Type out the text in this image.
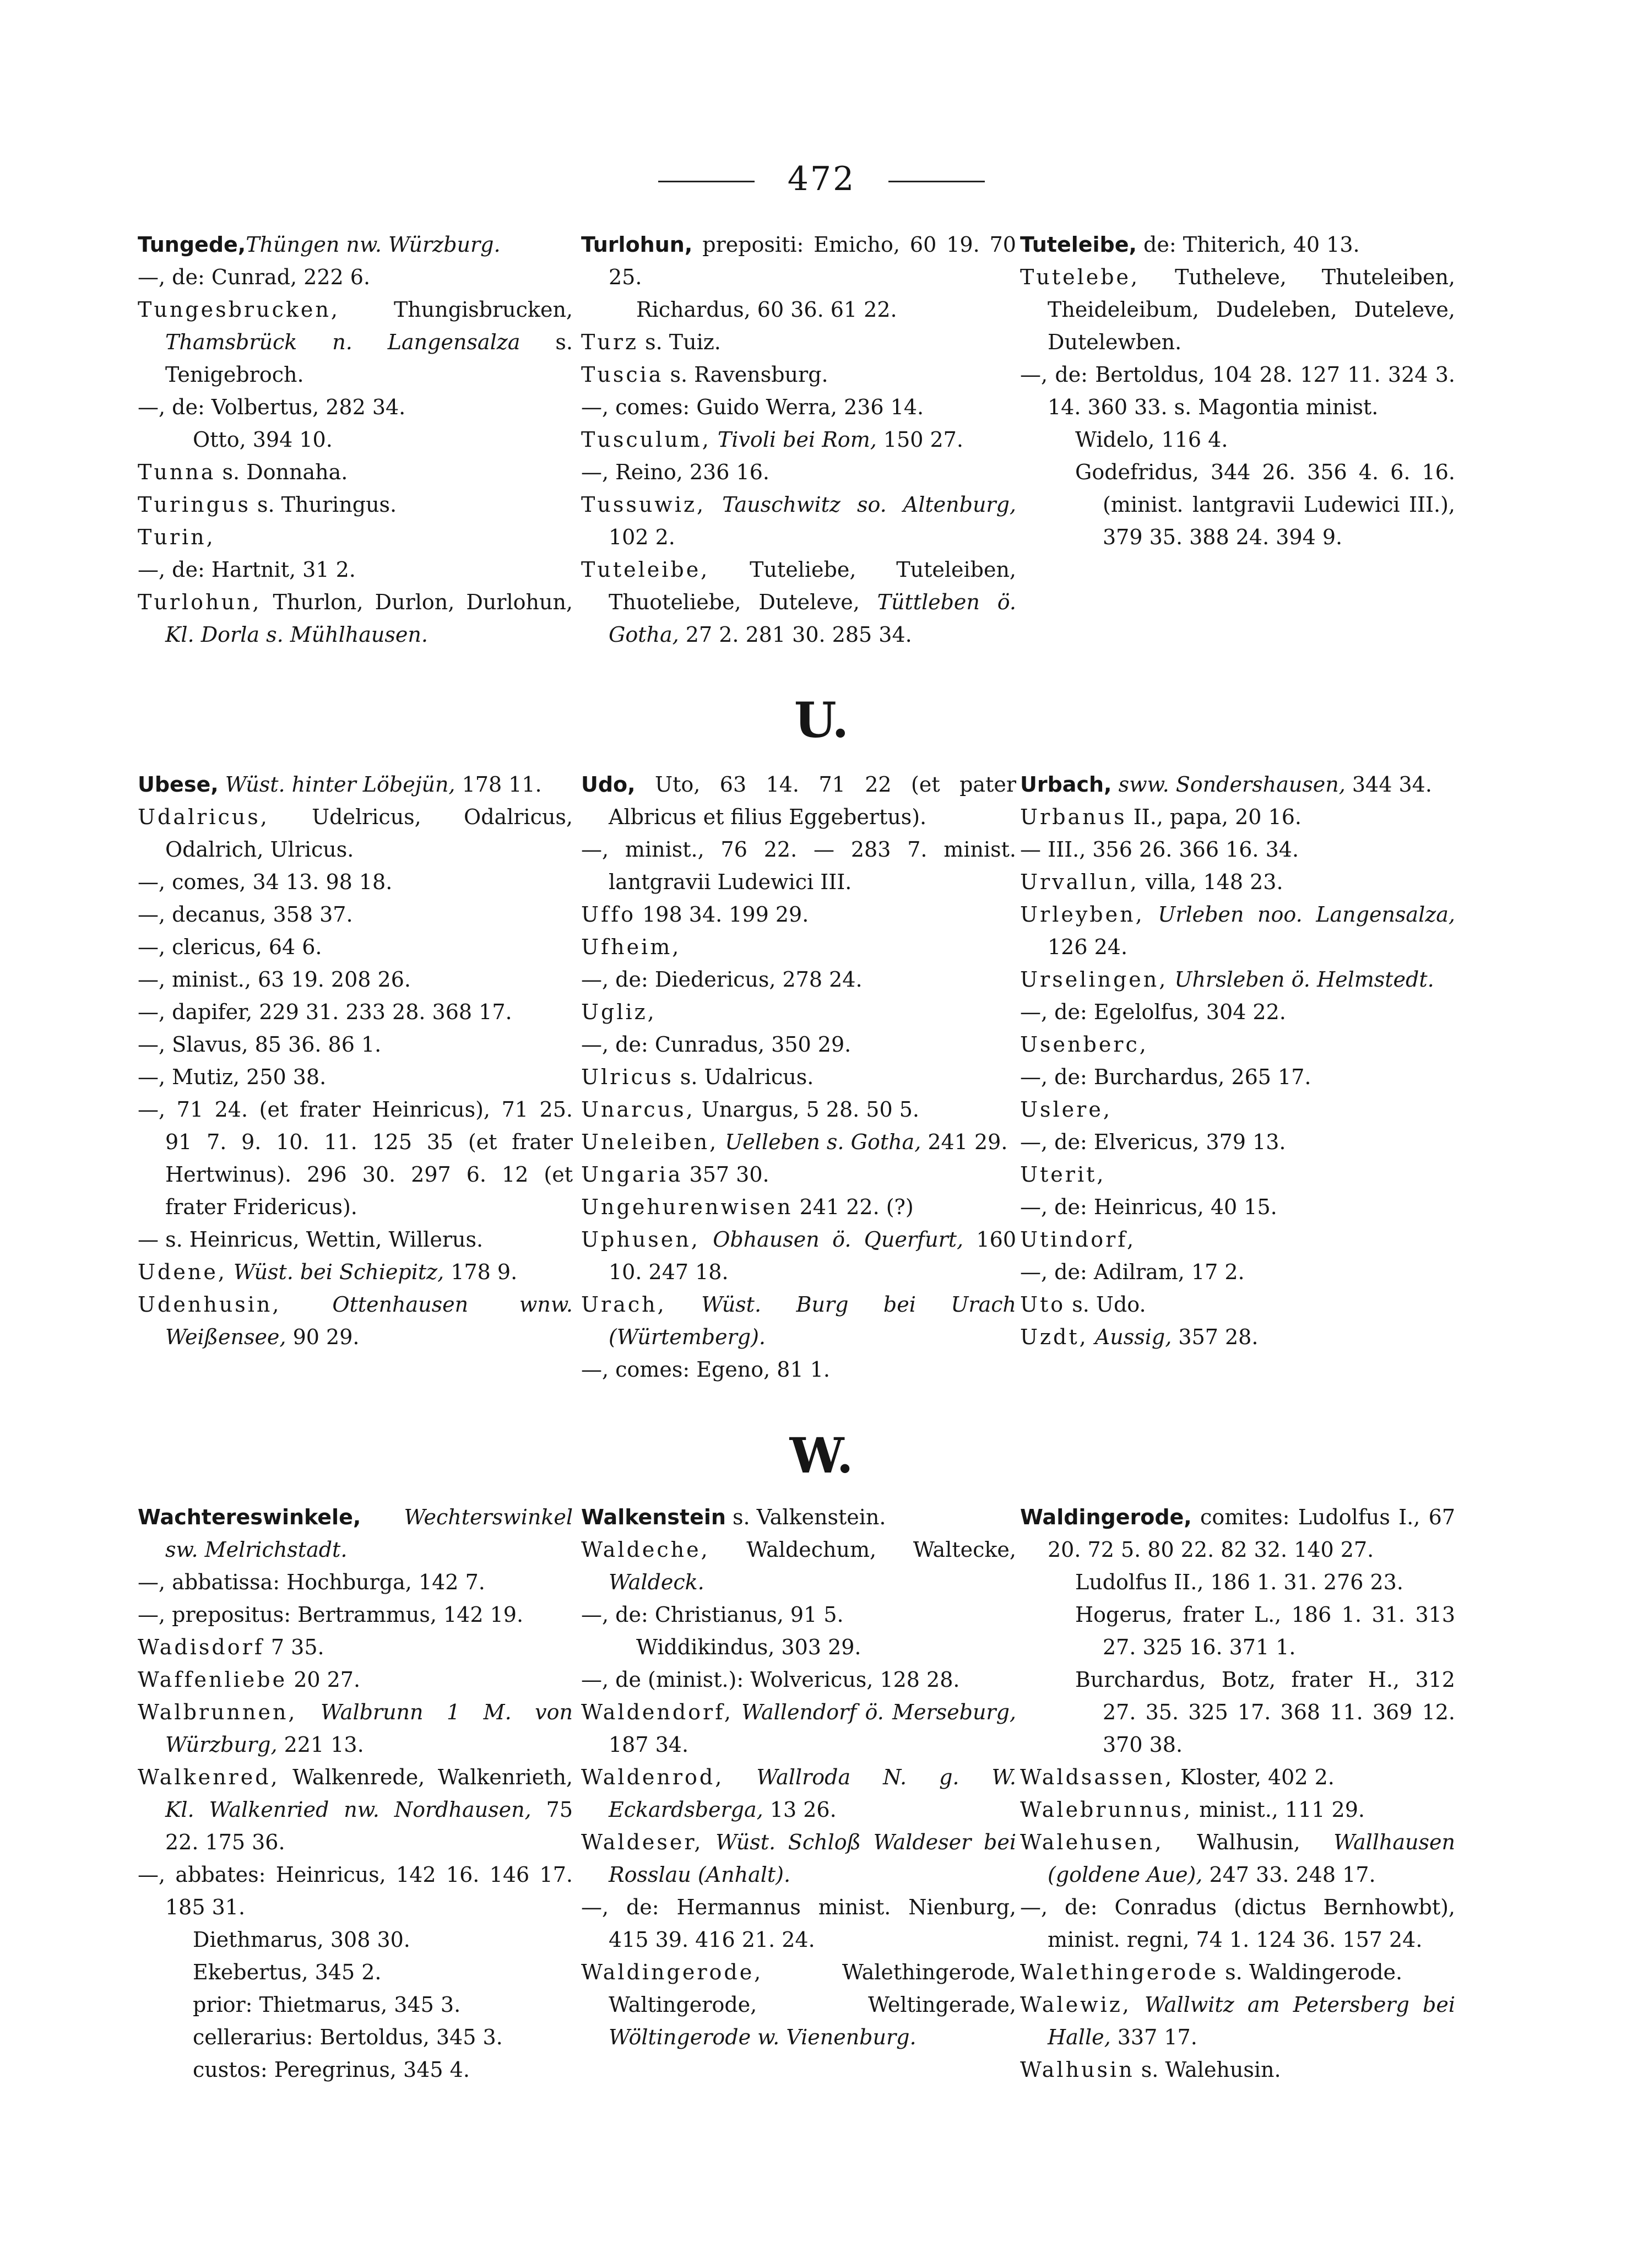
472

Tungede,Thüngen nw. Würzburg.

—, de: Cunrad, 222 6.

Tungesbrucken, Thungisbrucken, Thamsbrück n. Langensalza s. Tenigebroch.

—, de: Volbertus, 282 34.

Otto, 394 10.

Tunna s. Donnaha.

Turingus s. Thuringus.

Turin,

—, de: Hartnit, 31 2.

Turlohun, Thurlon, Durlon, Durlohun, Kl. Dorla s. Mühlhausen.

Turlohun, prepositi: Emicho, 60 19. 70 25.

Richardus, 60 36. 61 22.

Turz s. Tuiz.

Tuscia s. Ravensburg.

—, comes: Guido Werra, 236 14.

Tusculum, Tivoli bei Rom, 150 27.

—, Reino, 236 16.

Tussuwiz, Tauschwitz so. Altenburg, 102 2.

Tuteleibe, Tuteliebe, Tuteleiben, Thuoteliebe, Duteleve, Tüttleben ö. Gotha, 27 2. 281 30. 285 34.

Tuteleibe, de: Thiterich, 40 13.

Tutelebe, Tutheleve, Thuteleiben, Theideleibum, Dudeleben, Duteleve, Dutelewben.

—, de: Bertoldus, 104 28. 127 11. 324 3. 14. 360 33. s. Magontia minist.

Widelo, 116 4.

Godefridus, 344 26. 356 4. 6. 16. (minist. lantgravii Ludewici III.), 379 35. 388 24. 394 9.

U.

Ubese, Wüst. hinter Löbejün, 178 11.

Udalricus, Udelricus, Odalricus, Odalrich, Ulricus.

—, comes, 34 13. 98 18.

—, decanus, 358 37.

—, clericus, 64 6.

—, minist., 63 19. 208 26.

—, dapifer, 229 31. 233 28. 368 17.

—, Slavus, 85 36. 86 1.

—, Mutiz, 250 38.

—, 71 24. (et frater Heinricus), 71 25. 91 7. 9. 10. 11. 125 35 (et frater Hertwinus). 296 30. 297 6. 12 (et frater Fridericus).

— s. Heinricus, Wettin, Willerus.

Udene, Wüst. bei Schiepitz, 178 9.

Udenhusin, Ottenhausen wnw. Weißensee, 90 29.

Udo, Uto, 63 14. 71 22 (et pater Albricus et filius Eggebertus).

—, minist., 76 22. — 283 7. minist. lantgravii Ludewici III.

Uffo 198 34. 199 29.

Ufheim,

—, de: Diedericus, 278 24.

Ugliz,

—, de: Cunradus, 350 29.

Ulricus s. Udalricus.

Unarcus, Unargus, 5 28. 50 5.

Uneleiben, Uelleben s. Gotha, 241 29.

Ungaria 357 30.

Ungehurenwisen 241 22. (?)

Uphusen, Obhausen ö. Querfurt, 160 10. 247 18.

Urach, Wüst. Burg bei Urach (Würtemberg).

—, comes: Egeno, 81 1.

Urbach, sww. Sondershausen, 344 34.

Urbanus II., papa, 20 16.

— III., 356 26. 366 16. 34.

Urvallun, villa, 148 23.

Urleyben, Urleben noo. Langensalza, 126 24.

Urselingen, Uhrsleben ö. Helmstedt.

—, de: Egelolfus, 304 22.

Usenberc,

—, de: Burchardus, 265 17.

Uslere,

—, de: Elvericus, 379 13.

Uterit,

—, de: Heinricus, 40 15.

Utindorf,

—, de: Adilram, 17 2.

Uto s. Udo.

Uzdt, Aussig, 357 28.

W.

Wachtereswinkele, Wechterswinkel sw. Melrichstadt.

—, abbatissa: Hochburga, 142 7.

—, prepositus: Bertrammus, 142 19.

Wadisdorf 7 35.

Waffenliebe 20 27.

Walbrunnen, Walbrunn 1 M. von Würzburg, 221 13.

Walkenred, Walkenrede, Walkenrieth, Kl. Walkenried nw. Nordhausen, 75 22. 175 36.

—, abbates: Heinricus, 142 16. 146 17. 185 31.

Diethmarus, 308 30.

Ekebertus, 345 2.

prior: Thietmarus, 345 3.

cellerarius: Bertoldus, 345 3.

custos: Peregrinus, 345 4.

Walkenstein s. Valkenstein.

Waldeche, Waldechum, Waltecke, Waldeck.

—, de: Christianus, 91 5.

Widdikindus, 303 29.

—, de (minist.): Wolvericus, 128 28.

Waldendorf, Wallendorf ö. Merseburg, 187 34.

Waldenrod, Wallroda N. g. W. Eckardsberga, 13 26.

Waldeser, Wüst. Schloß Waldeser bei Rosslau (Anhalt).

—, de: Hermannus minist. Nienburg, 415 39. 416 21. 24.

Waldingerode, Walethingerode, Waltingerode, Weltingerade, Wöltingerode w. Vienenburg.

Waldingerode, comites: Ludolfus I., 67 20. 72 5. 80 22. 82 32. 140 27.

Ludolfus II., 186 1. 31. 276 23.

Hogerus, frater L., 186 1. 31. 313 27. 325 16. 371 1.

Burchardus, Botz, frater H., 312 27. 35. 325 17. 368 11. 369 12. 370 38.

Waldsassen, Kloster, 402 2.

Walebrunnus, minist., 111 29.

Walehusen, Walhusin, Wallhausen (goldene Aue), 247 33. 248 17.

—, de: Conradus (dictus Bernhowbt), minist. regni, 74 1. 124 36. 157 24.

Walethingerode s. Waldingerode.

Walewiz, Wallwitz am Petersberg bei Halle, 337 17.

Walhusin s. Walehusin.
